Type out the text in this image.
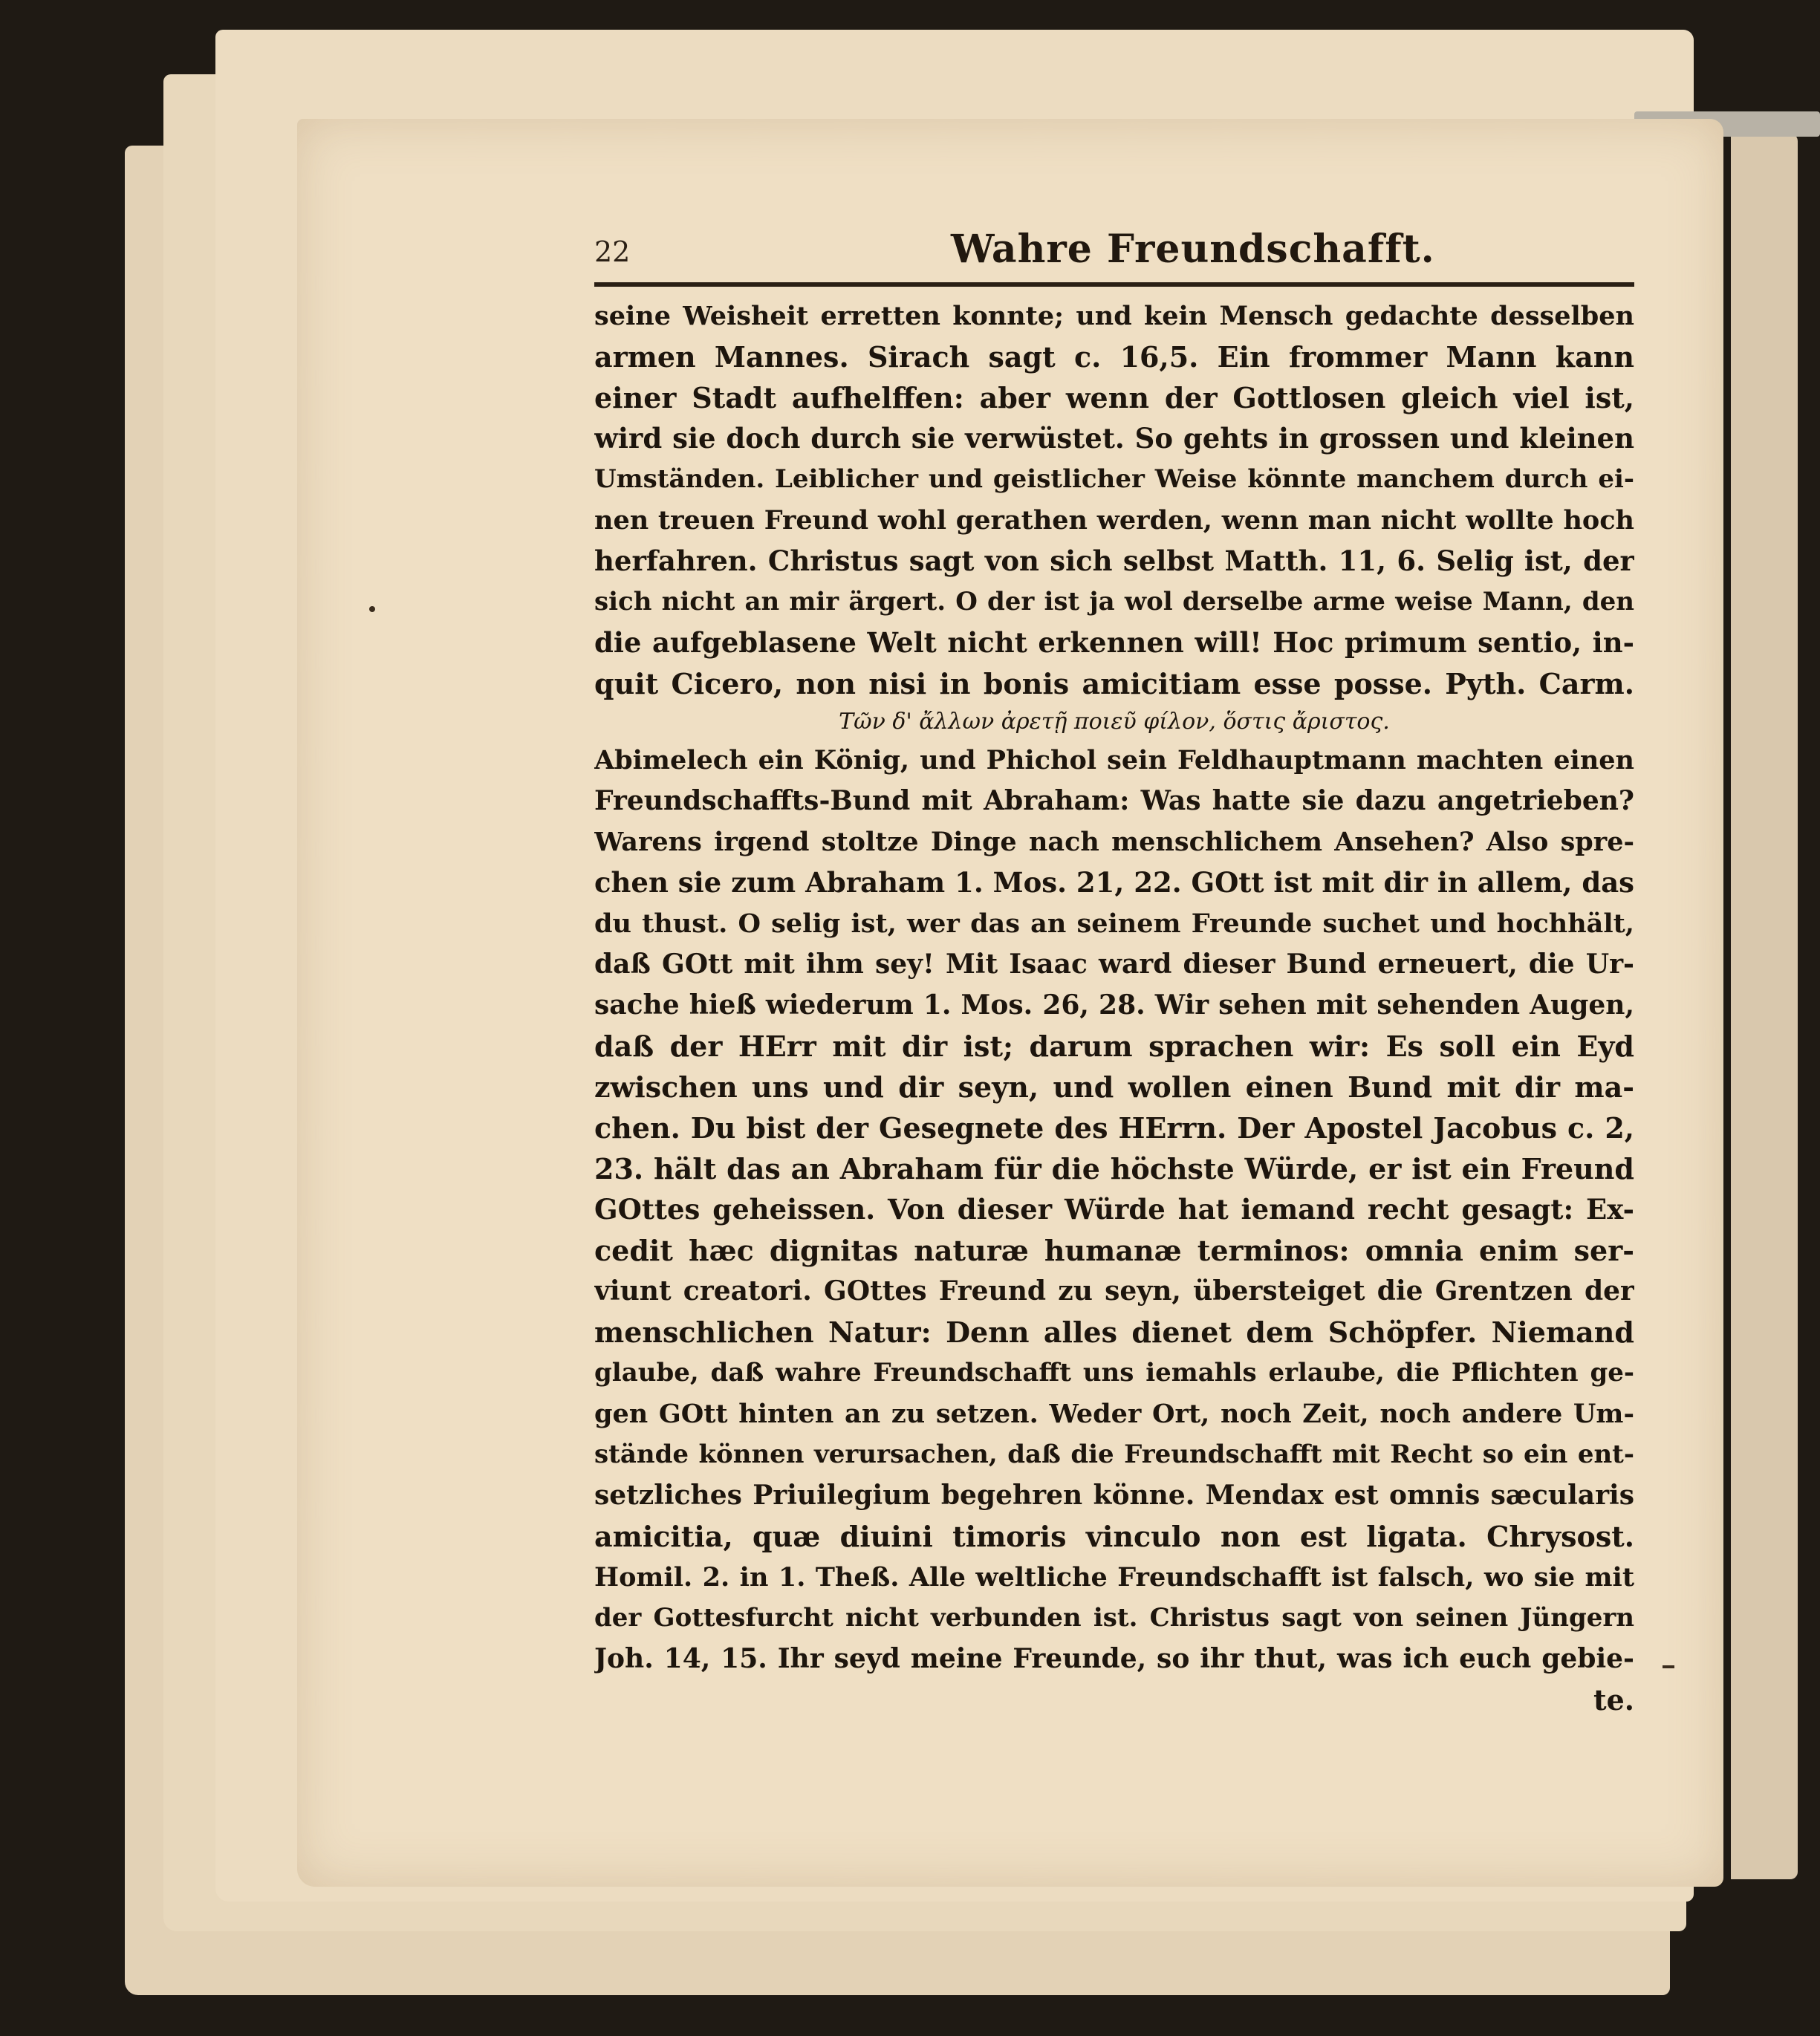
22	Wahre Freundschafft.
seine Weisheit erretten konnte; und kein Mensch gedachte desselben
armen Mannes. Sirach sagt c. 16,5. Ein frommer Mann kann
einer Stadt aufhelffen: aber wenn der Gottlosen gleich viel ist,
wird sie doch durch sie verwüstet. So gehts in grossen und kleinen
Umständen. Leiblicher und geistlicher Weise könnte manchem durch ei-
nen treuen Freund wohl gerathen werden, wenn man nicht wollte hoch
herfahren. Christus sagt von sich selbst Matth. 11, 6. Selig ist, der
sich nicht an mir ärgert. O der ist ja wol derselbe arme weise Mann, den
die aufgeblasene Welt nicht erkennen will! Hoc primum sentio, in-
quit Cicero, non nisi in bonis amicitiam esse posse. Pyth. Carm.
Τῶν δ' ἄλλων ἀρετῇ ποιεῦ φίλον, ὅστις ἄριστος.
Abimelech ein König, und Phichol sein Feldhauptmann machten einen
Freundschaffts-Bund mit Abraham: Was hatte sie dazu angetrieben?
Warens irgend stoltze Dinge nach menschlichem Ansehen? Also spre-
chen sie zum Abraham 1. Mos. 21, 22. GOtt ist mit dir in allem, das
du thust. O selig ist, wer das an seinem Freunde suchet und hochhält,
daß GOtt mit ihm sey! Mit Isaac ward dieser Bund erneuert, die Ur-
sache hieß wiederum 1. Mos. 26, 28. Wir sehen mit sehenden Augen,
daß der HErr mit dir ist; darum sprachen wir: Es soll ein Eyd
zwischen uns und dir seyn, und wollen einen Bund mit dir ma-
chen. Du bist der Gesegnete des HErrn. Der Apostel Jacobus c. 2,
23. hält das an Abraham für die höchste Würde, er ist ein Freund
GOttes geheissen. Von dieser Würde hat iemand recht gesagt: Ex-
cedit hæc dignitas naturæ humanæ terminos: omnia enim ser-
viunt creatori. GOttes Freund zu seyn, übersteiget die Grentzen der
menschlichen Natur: Denn alles dienet dem Schöpfer. Niemand
glaube, daß wahre Freundschafft uns iemahls erlaube, die Pflichten ge-
gen GOtt hinten an zu setzen. Weder Ort, noch Zeit, noch andere Um-
stände können verursachen, daß die Freundschafft mit Recht so ein ent-
setzliches Priuilegium begehren könne. Mendax est omnis sæcularis
amicitia, quæ diuini timoris vinculo non est ligata. Chrysost.
Homil. 2. in 1. Theß. Alle weltliche Freundschafft ist falsch, wo sie mit
der Gottesfurcht nicht verbunden ist. Christus sagt von seinen Jüngern
Joh. 14, 15. Ihr seyd meine Freunde, so ihr thut, was ich euch gebie-
te.
